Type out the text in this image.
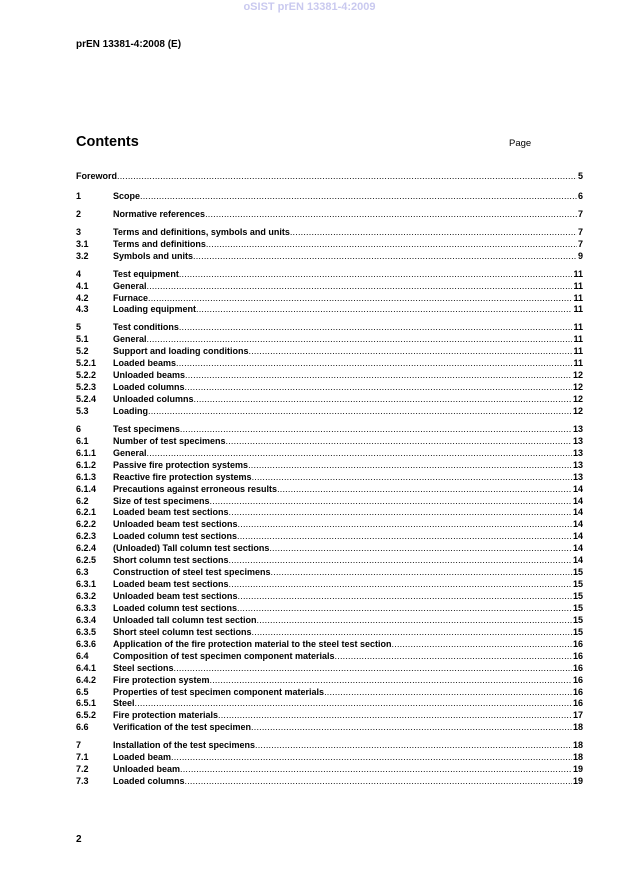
oSIST prEN 13381-4:2009
prEN 13381-4:2008 (E)
Contents	Page
Foreword .....	5
1	Scope .....	6
2	Normative references .....	7
3	Terms and definitions, symbols and units .....	7
3.1	Terms and definitions .....	7
3.2	Symbols and units .....	9
4	Test equipment .....	11
4.1	General .....	11
4.2	Furnace .....	11
4.3	Loading equipment .....	11
5	Test conditions .....	11
5.1	General .....	11
5.2	Support and loading conditions .....	11
5.2.1	Loaded beams .....	11
5.2.2	Unloaded beams .....	12
5.2.3	Loaded columns .....	12
5.2.4	Unloaded columns .....	12
5.3	Loading .....	12
6	Test specimens .....	13
6.1	Number of test specimens .....	13
6.1.1	General .....	13
6.1.2	Passive fire protection systems .....	13
6.1.3	Reactive fire protection systems .....	13
6.1.4	Precautions against erroneous results .....	14
6.2	Size of test specimens .....	14
6.2.1	Loaded beam test sections .....	14
6.2.2	Unloaded beam test sections .....	14
6.2.3	Loaded column test sections .....	14
6.2.4	(Unloaded) Tall column test sections .....	14
6.2.5	Short column test sections .....	14
6.3	Construction of steel test specimens .....	15
6.3.1	Loaded beam test sections .....	15
6.3.2	Unloaded beam test sections .....	15
6.3.3	Loaded column test sections .....	15
6.3.4	Unloaded tall column test section .....	15
6.3.5	Short steel column test sections .....	15
6.3.6	Application of the fire protection material to the steel test section .....	16
6.4	Composition of test specimen component materials .....	16
6.4.1	Steel sections .....	16
6.4.2	Fire protection system .....	16
6.5	Properties of test specimen component materials .....	16
6.5.1	Steel .....	16
6.5.2	Fire protection materials .....	17
6.6	Verification of the test specimen .....	18
7	Installation of the test specimens .....	18
7.1	Loaded beam .....	18
7.2	Unloaded beam .....	19
7.3	Loaded columns .....	19
2
